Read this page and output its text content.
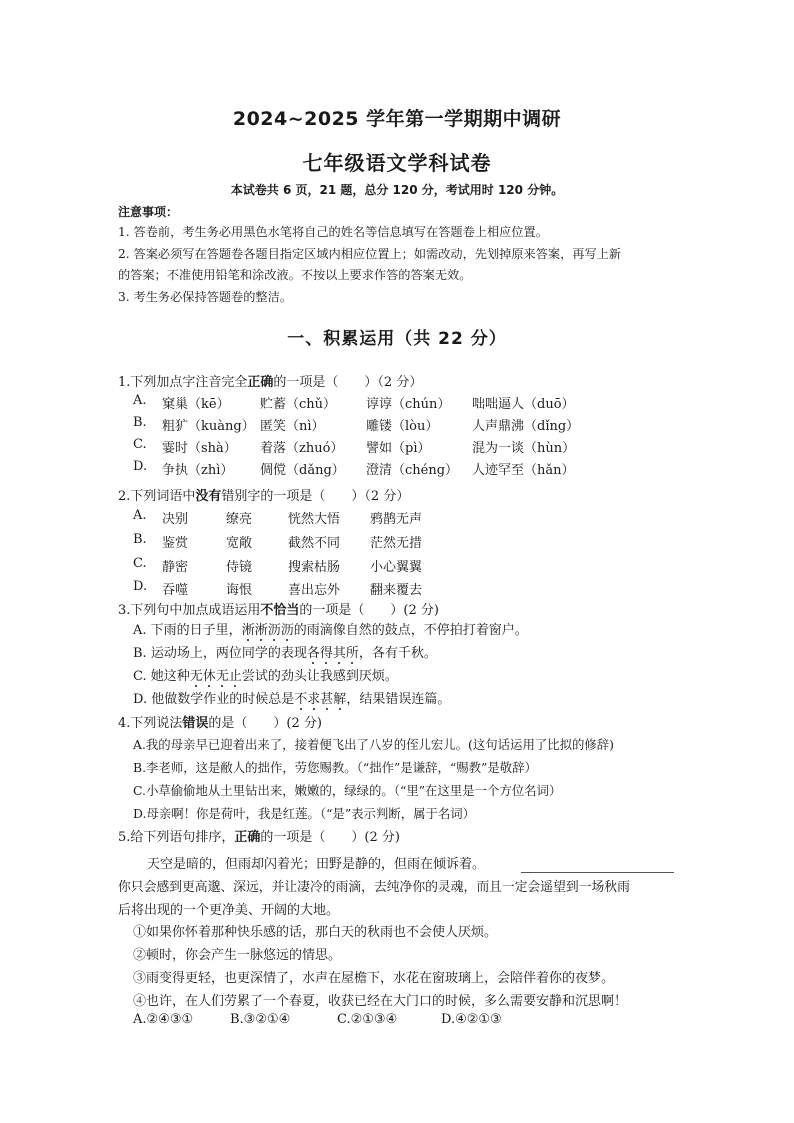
2024~2025 学年第一学期期中调研
七年级语文学科试卷
本试卷共 6 页，21 题，总分 120 分，考试用时 120 分钟。
注意事项：
1. 答卷前，考生务必用黑色水笔将自己的姓名等信息填写在答题卷上相应位置。
2. 答案必须写在答题卷各题目指定区域内相应位置上；如需改动，先划掉原来答案，再写上新
的答案；不准使用铅笔和涂改液。不按以上要求作答的答案无效。
3. 考生务必保持答题卷的整洁。
一、积累运用（共 22 分）
1.下列加点字注音完全正确的一项是（　　）（2 分）
A. 窠巢（kē） 贮蓄（chǔ） 谆谆（chún） 咄咄逼人（duō）
B. 粗犷（kuàng） 匿笑（nì）	雕镂（lòu）	人声鼎沸（dǐng）
C. 霎时（shà） 着落（zhuó） 譬如（pì）	混为一谈（hùn）
D. 争执（zhì） 倜傥（dǎng） 澄清（chéng） 人迹罕至（hǎn）
2.下列词语中没有错别字的一项是（　　）（2 分）
A. 决别	缭亮	恍然大悟 鸦鹊无声
B. 鉴赏	宽敞	截然不同 茫然无措
C. 静密	侍镜	搜索枯肠 小心翼翼
D. 吞噬	诲恨	喜出忘外 翻来覆去
3.下列句中加点成语运用不恰当的一项是（　　）(2 分)
A. 下雨的日子里，淅淅沥沥的雨滴像自然的鼓点，不停拍打着窗户。
B. 运动场上，两位同学的表现各得其所，各有千秋。
C. 她这种无休无止尝试的劲头让我感到厌烦。
D. 他做数学作业的时候总是不求甚解，结果错误连篇。
4.下列说法错误的是（　　）(2 分)
A.我的母亲早已迎着出来了，接着便飞出了八岁的侄儿宏儿。(这句话运用了比拟的修辞)
B.李老师，这是敝人的拙作，劳您赐教。（“拙作”是谦辞，“赐教”是敬辞）
C.小草偷偷地从土里钻出来，嫩嫩的，绿绿的。（“里”在这里是一个方位名词）
D.母亲啊！你是荷叶，我是红莲。（“是”表示判断，属于名词）
5.给下列语句排序，正确的一项是（　　）(2 分)
天空是暗的，但雨却闪着光；田野是静的，但雨在倾诉着。
你只会感到更高邈、深远，并让凄冷的雨滴，去纯净你的灵魂，而且一定会遥望到一场秋雨
后将出现的一个更净美、开阔的大地。
①如果你怀着那种快乐感的话，那白天的秋雨也不会使人厌烦。
②顿时，你会产生一脉悠远的情思。
③雨变得更轻，也更深情了，水声在屋檐下，水花在窗玻璃上，会陪伴着你的夜梦。
④也许，在人们劳累了一个春夏，收获已经在大门口的时候，多么需要安静和沉思啊！
A.②④③①	B.③②①④	C.②①③④	D.④②①③
